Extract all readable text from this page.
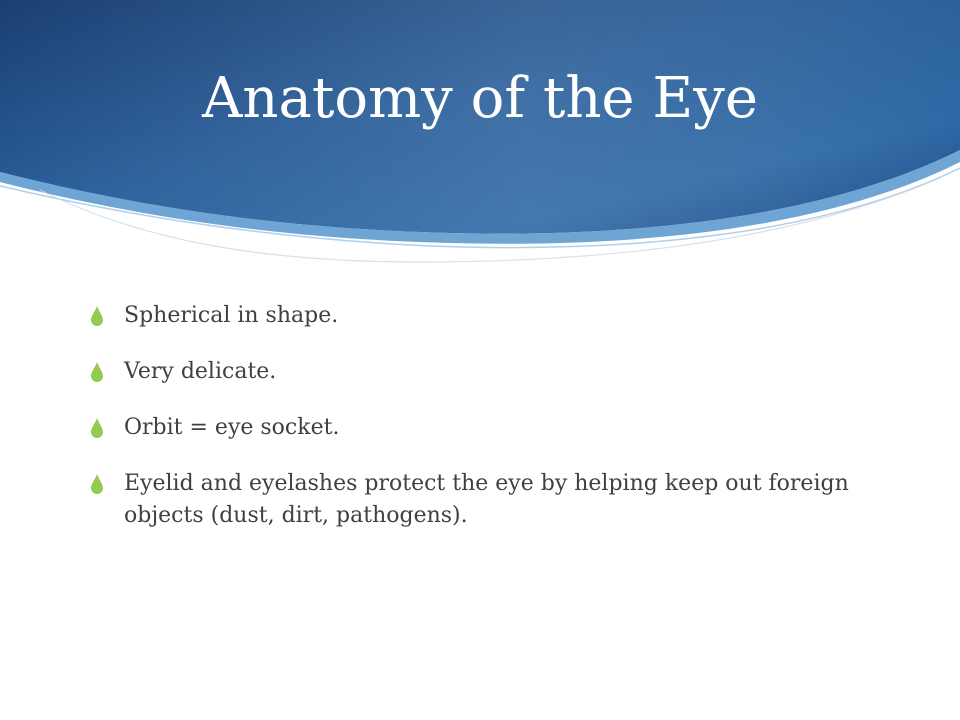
Anatomy of the Eye
Spherical in shape.
Very delicate.
Orbit = eye socket.
Eyelid and eyelashes protect the eye by helping keep out foreign objects (dust, dirt, pathogens).
